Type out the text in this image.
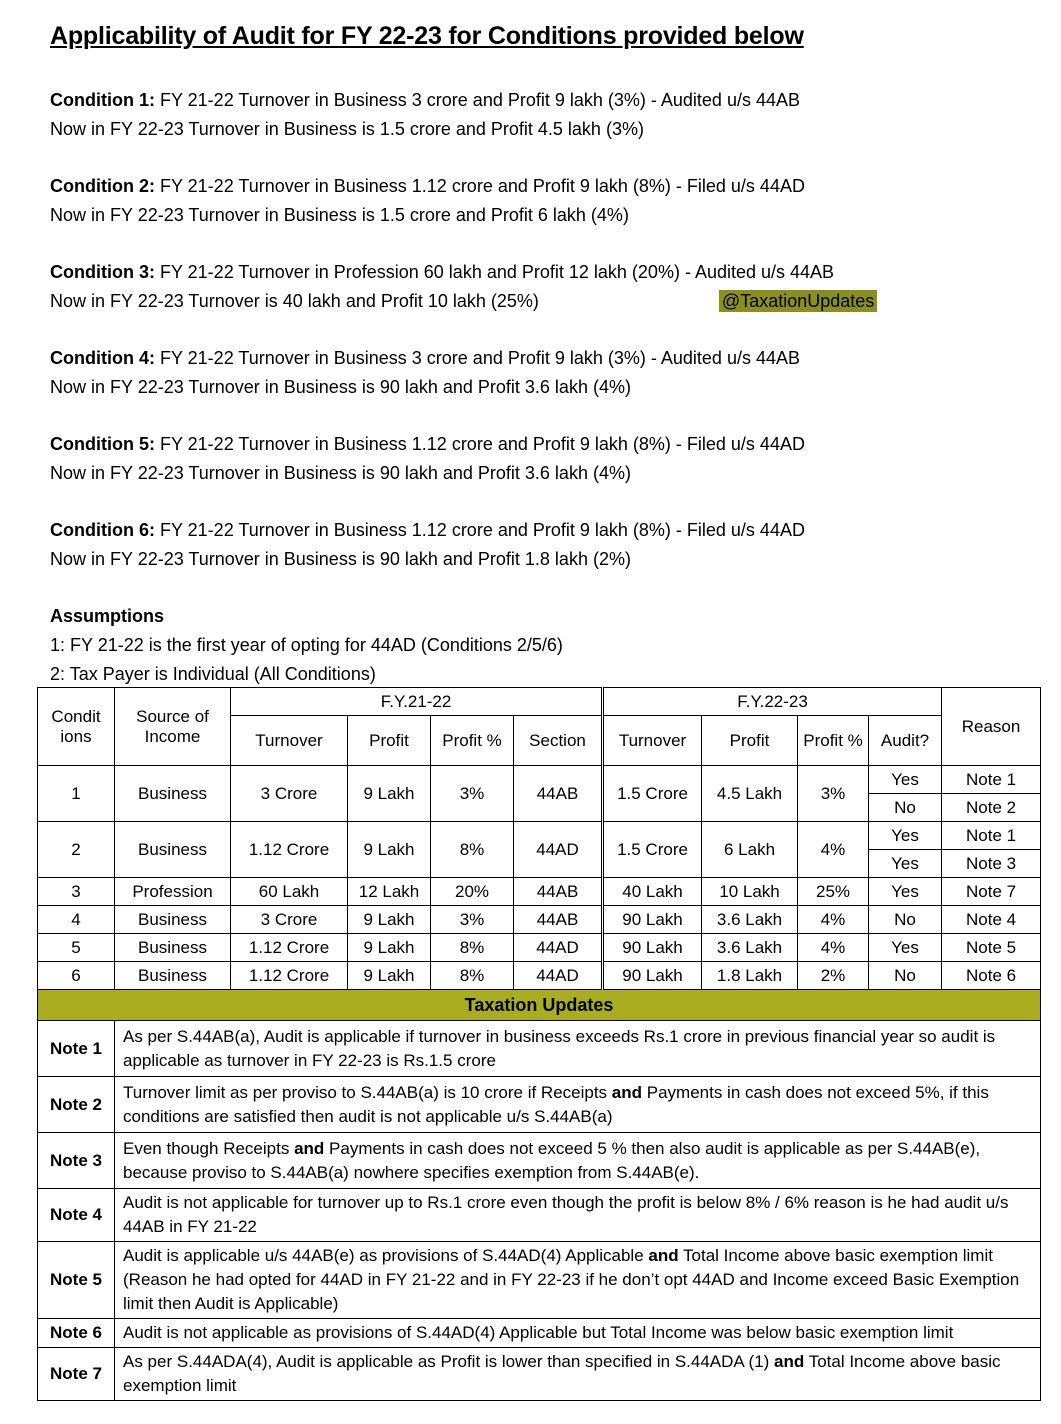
Applicability of Audit for FY 22-23 for Conditions provided below
Condition 1: FY 21-22 Turnover in Business 3 crore and Profit 9 lakh (3%) - Audited u/s 44AB
Now in FY 22-23 Turnover in Business is 1.5 crore and Profit 4.5 lakh (3%)
Condition 2: FY 21-22 Turnover in Business 1.12 crore and Profit 9 lakh (8%) - Filed u/s 44AD
Now in FY 22-23 Turnover in Business is 1.5 crore and Profit 6 lakh (4%)
Condition 3: FY 21-22 Turnover in Profession 60 lakh and Profit 12 lakh (20%) - Audited u/s 44AB
Now in FY 22-23 Turnover is 40 lakh and Profit 10 lakh (25%)	@TaxationUpdates
Condition 4: FY 21-22 Turnover in Business 3 crore and Profit 9 lakh (3%) - Audited u/s 44AB
Now in FY 22-23 Turnover in Business is 90 lakh and Profit 3.6 lakh (4%)
Condition 5: FY 21-22 Turnover in Business 1.12 crore and Profit 9 lakh (8%) - Filed u/s 44AD
Now in FY 22-23 Turnover in Business is 90 lakh and Profit 3.6 lakh (4%)
Condition 6: FY 21-22 Turnover in Business 1.12 crore and Profit 9 lakh (8%) - Filed u/s 44AD
Now in FY 22-23 Turnover in Business is 90 lakh and Profit 1.8 lakh (2%)
Assumptions
1: FY 21-22 is the first year of opting for 44AD (Conditions 2/5/6)
2: Tax Payer is Individual (All Conditions)
Condit ions	Source of Income	F.Y.21-22				F.Y.22-23				Reason
		Turnover	Profit	Profit %	Section	Turnover	Profit	Profit %	Audit?	
1	Business	3 Crore	9 Lakh	3%	44AB	1.5 Crore	4.5 Lakh	3%	Yes	Note 1
									No	Note 2
2	Business	1.12 Crore	9 Lakh	8%	44AD	1.5 Crore	6 Lakh	4%	Yes	Note 1
									Yes	Note 3
3	Profession	60 Lakh	12 Lakh	20%	44AB	40 Lakh	10 Lakh	25%	Yes	Note 7
4	Business	3 Crore	9 Lakh	3%	44AB	90 Lakh	3.6 Lakh	4%	No	Note 4
5	Business	1.12 Crore	9 Lakh	8%	44AD	90 Lakh	3.6 Lakh	4%	Yes	Note 5
6	Business	1.12 Crore	9 Lakh	8%	44AD	90 Lakh	1.8 Lakh	2%	No	Note 6
Taxation Updates										
Note 1	As per S.44AB(a), Audit is applicable if turnover in business exceeds Rs.1 crore in previous financial year so audit is applicable as turnover in FY 22-23 is Rs.1.5 crore									
Note 2	Turnover limit as per proviso to S.44AB(a) is 10 crore if Receipts and Payments in cash does not exceed 5%, if this conditions are satisfied then audit is not applicable u/s S.44AB(a)									
Note 3	Even though Receipts and Payments in cash does not exceed 5 % then also audit is applicable as per S.44AB(e), because proviso to S.44AB(a) nowhere specifies exemption from S.44AB(e).									
Note 4	Audit is not applicable for turnover up to Rs.1 crore even though the profit is below 8% / 6% reason is he had audit u/s 44AB in FY 21-22									
Note 5	Audit is applicable u/s 44AB(e) as provisions of S.44AD(4) Applicable and Total Income above basic exemption limit (Reason he had opted for 44AD in FY 21-22 and in FY 22-23 if he don’t opt 44AD and Income exceed Basic Exemption limit then Audit is Applicable)									
Note 6	Audit is not applicable as provisions of S.44AD(4) Applicable but Total Income was below basic exemption limit									
Note 7	As per S.44ADA(4), Audit is applicable as Profit is lower than specified in S.44ADA (1) and Total Income above basic exemption limit									
